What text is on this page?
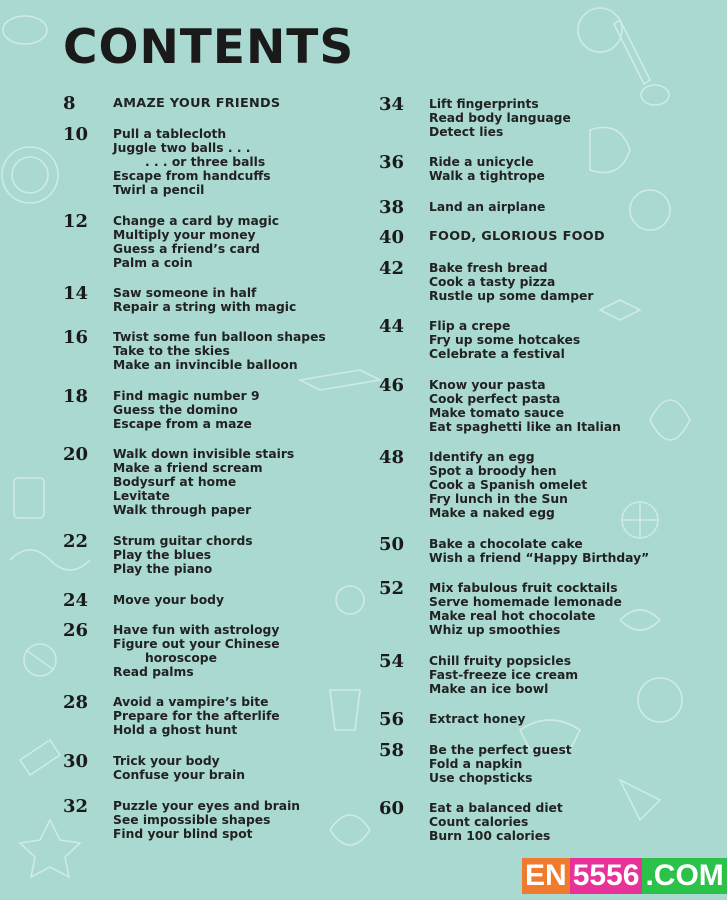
CONTENTS
8	AMAZE YOUR FRIENDS
10 Pull a tablecloth
Juggle two balls . . .
. . . or three balls
Escape from handcuffs
Twirl a pencil
12 Change a card by magic
Multiply your money
Guess a friend’s card
Palm a coin
14 Saw someone in half
Repair a string with magic
16 Twist some fun balloon shapes
Take to the skies
Make an invincible balloon
18 Find magic number 9
Guess the domino
Escape from a maze
20 Walk down invisible stairs
Make a friend scream
Bodysurf at home
Levitate
Walk through paper
22 Strum guitar chords
Play the blues
Play the piano
24 Move your body
26 Have fun with astrology
Figure out your Chinese
horoscope
Read palms
28 Avoid a vampire’s bite
Prepare for the afterlife
Hold a ghost hunt
30 Trick your body
Confuse your brain
32 Puzzle your eyes and brain
See impossible shapes
Find your blind spot
34 Lift fingerprints
Read body language
Detect lies
36 Ride a unicycle
Walk a tightrope
38 Land an airplane
40 FOOD, GLORIOUS FOOD
42 Bake fresh bread
Cook a tasty pizza
Rustle up some damper
44 Flip a crepe
Fry up some hotcakes
Celebrate a festival
46 Know your pasta
Cook perfect pasta
Make tomato sauce
Eat spaghetti like an Italian
48 Identify an egg
Spot a broody hen
Cook a Spanish omelet
Fry lunch in the Sun
Make a naked egg
50 Bake a chocolate cake
Wish a friend “Happy Birthday”
52 Mix fabulous fruit cocktails
Serve homemade lemonade
Make real hot chocolate
Whiz up smoothies
54 Chill fruity popsicles
Fast-freeze ice cream
Make an ice bowl
56 Extract honey
58 Be the perfect guest
Fold a napkin
Use chopsticks
60 Eat a balanced diet
Count calories
Burn 100 calories
EN 5556 .COM
